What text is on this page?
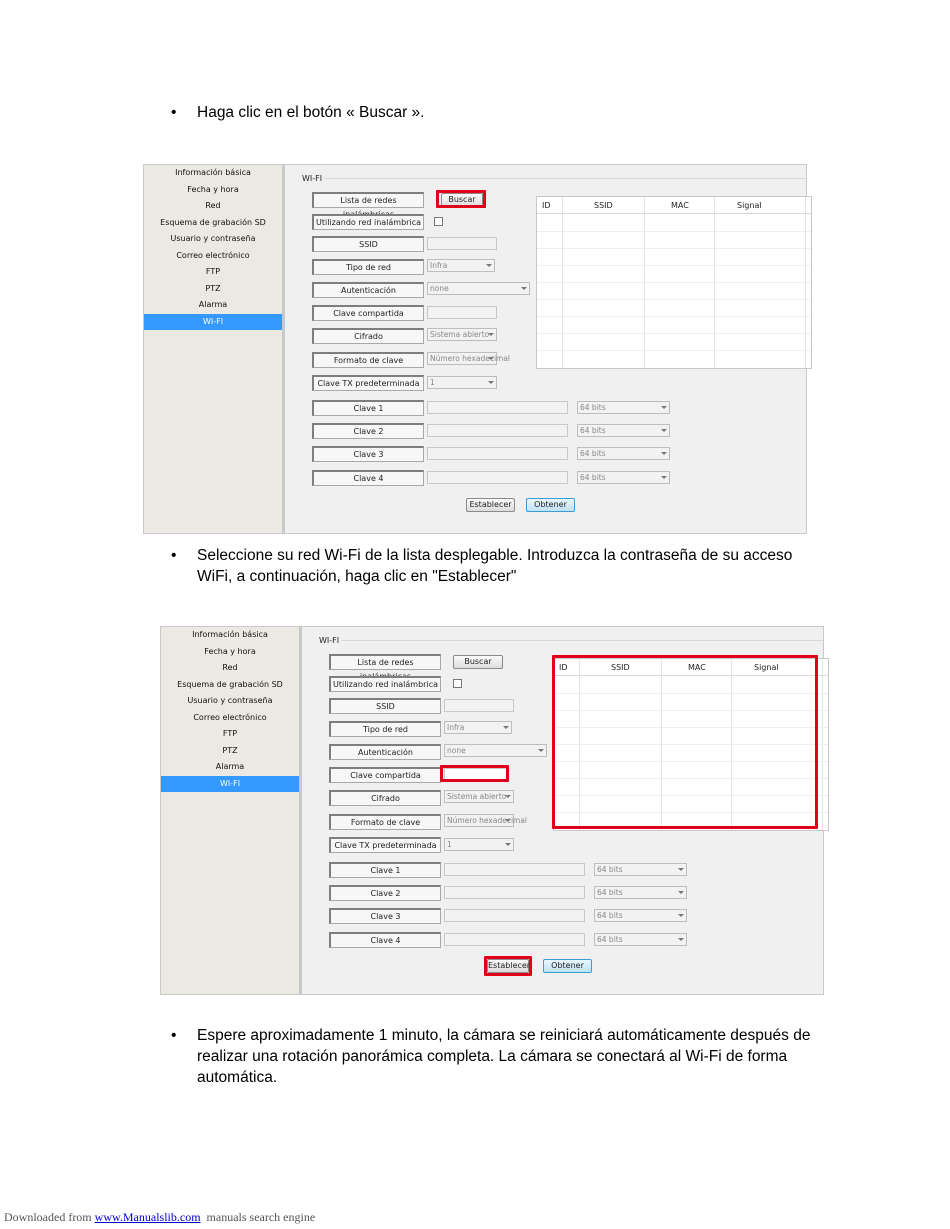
• Haga clic en el botón « Buscar ».
Información básica
Fecha y hora
Red
Esquema de grabación SD
Usuario y contraseña
Correo electrónico
FTP
PTZ
Alarma
WI-FI
WI-FI
Lista de redes	Buscar
Utilizando red inalámbrica
SSID
Tipo de red	Infra
Autenticación	none
Clave compartida
Cifrado	Sistema abierto
Formato de clave	Número hexadecimal
Clave TX predeterminada	1
Clave 1	64 bits
Clave 2	64 bits
Clave 3	64 bits
Clave 4	64 bits
Establecer	Obtener
ID	SSID	MAC	Signal
• Seleccione su red Wi-Fi de la lista desplegable. Introduzca la contraseña de su acceso
WiFi, a continuación, haga clic en "Establecer"
Información básica
Fecha y hora
Red
Esquema de grabación SD
Usuario y contraseña
Correo electrónico
FTP
PTZ
Alarma
WI-FI
WI-FI
Lista de redes	Buscar
Utilizando red inalámbrica
SSID
Tipo de red	Infra
Autenticación	none
Clave compartida
Cifrado	Sistema abierto
Formato de clave	Número hexadecimal
Clave TX predeterminada	1
Clave 1	64 bits
Clave 2	64 bits
Clave 3	64 bits
Clave 4	64 bits
Establecer	Obtener
ID	SSID	MAC	Signal
• Espere aproximadamente 1 minuto, la cámara se reiniciará automáticamente después de
realizar una rotación panorámica completa. La cámara se conectará al Wi-Fi de forma
automática.
Downloaded from www.Manualslib.com  manuals search engine
